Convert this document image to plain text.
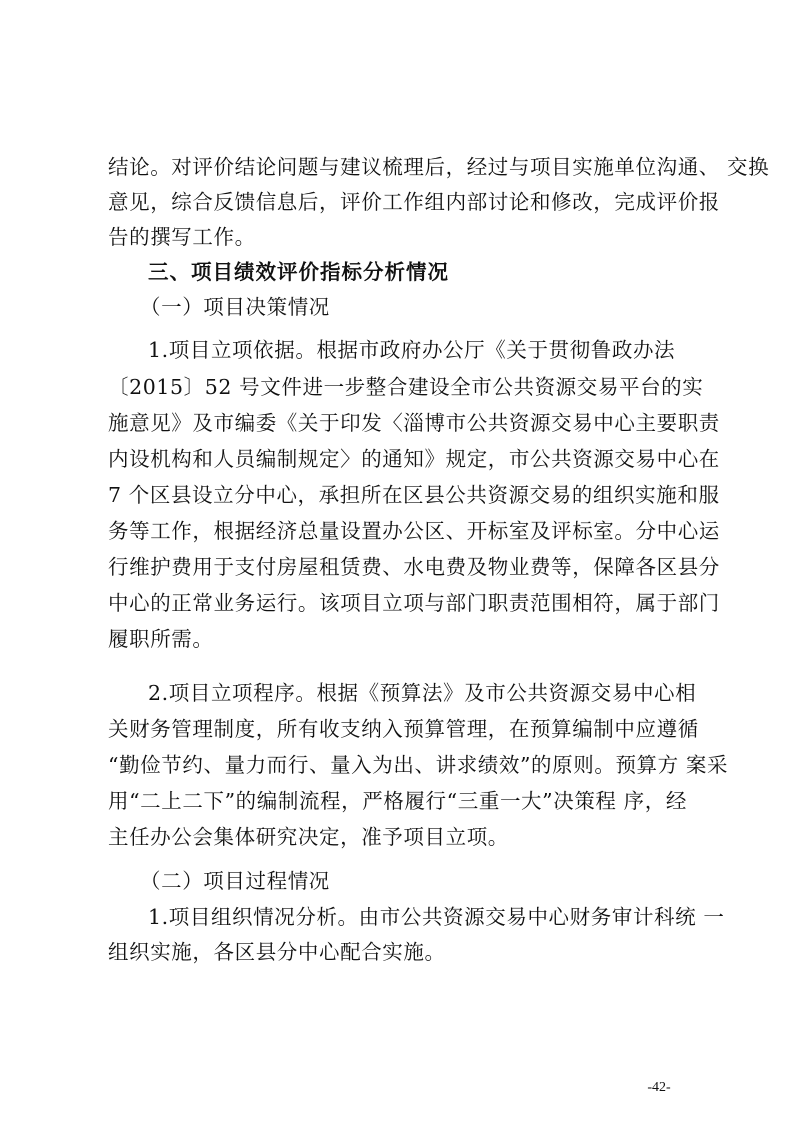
结论。对评价结论问题与建议梳理后，经过与项目实施单位沟通、 交换
意见，综合反馈信息后，评价工作组内部讨论和修改，完成评价报
告的撰写工作。
三、项目绩效评价指标分析情况
（一）项目决策情况
1.项目立项依据。根据市政府办公厅《关于贯彻鲁政办法
〔2015〕52 号文件进一步整合建设全市公共资源交易平台的实
施意见》及市编委《关于印发〈淄博市公共资源交易中心主要职责
内设机构和人员编制规定〉的通知》规定，市公共资源交易中心在
7 个区县设立分中心，承担所在区县公共资源交易的组织实施和服
务等工作，根据经济总量设置办公区、开标室及评标室。分中心运
行维护费用于支付房屋租赁费、水电费及物业费等，保障各区县分
中心的正常业务运行。该项目立项与部门职责范围相符，属于部门
履职所需。
2.项目立项程序。根据《预算法》及市公共资源交易中心相
关财务管理制度，所有收支纳入预算管理，在预算编制中应遵循
“勤俭节约、量力而行、量入为出、讲求绩效”的原则。预算方 案采
用“二上二下”的编制流程，严格履行“三重一大”决策程 序，经
主任办公会集体研究决定，准予项目立项。
（二）项目过程情况
1.项目组织情况分析。由市公共资源交易中心财务审计科统 一
组织实施，各区县分中心配合实施。
-42-
